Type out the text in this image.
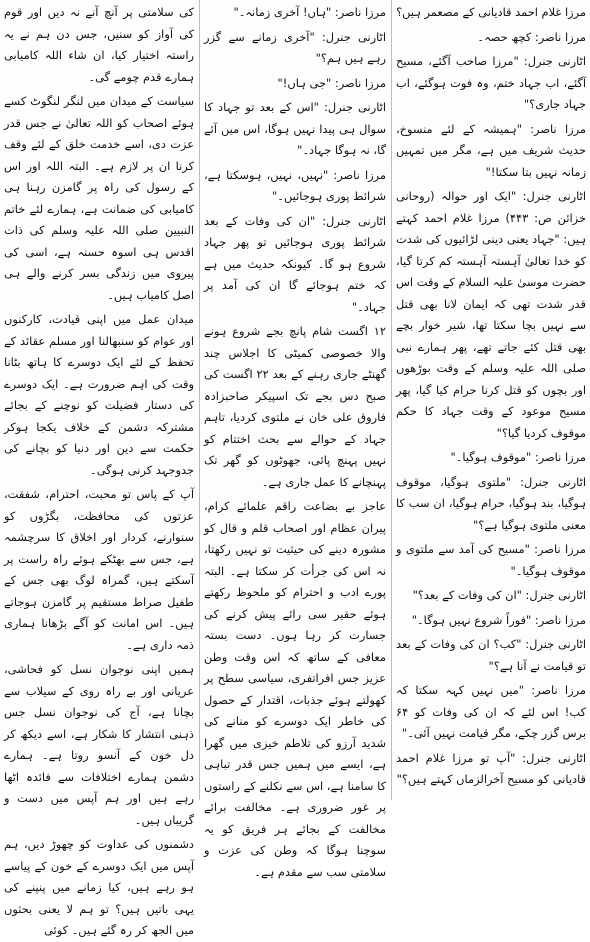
مرزا غلام احمد قادیانی کے مصعمر ہیں؟

مرزا ناصر: کچھ حصہ۔

اٹارنی جنرل: "مرزا صاحب آگئے، مسیح آگئے، اب جہاد ختم، وہ فوت ہوگئے، اب جہاد جاری؟"

مرزا ناصر: "ہمیشہ کے لئے منسوخ، حدیث شریف میں ہے، مگر میں تمہیں زمانہ نہیں بتا سکتا!"

اٹارنی جنرل: "ایک اور حوالہ (روحانی خزائن ص: ۴۴۳) مرزا غلام احمد کہتے ہیں: "جہاد یعنی دینی لڑائیوں کی شدت کو خدا تعالیٰ آہستہ آہستہ کم کرتا گیا، حضرت موسیٰ علیہ السلام کے وقت اس قدر شدت تھی کہ ایمان لانا بھی قتل سے نہیں بچا سکتا تھا، شیر خوار بچے بھی قتل کئے جاتے تھے، پھر ہمارے نبی صلی اللہ علیہ وسلم کے وقت بوڑھوں اور بچوں کو قتل کرنا حرام کیا گیا، پھر مسیح موعود کے وقت جہاد کا حکم موقوف کردیا گیا؟"

مرزا ناصر: "موقوف ہوگیا۔"

اٹارنی جنرل: "ملتوی ہوگیا، موقوف ہوگیا، بند ہوگیا، حرام ہوگیا، ان سب کا معنی ملتوی ہوگیا ہے؟"

مرزا ناصر: "مسیح کی آمد سے ملتوی و موقوف ہوگیا۔"

اٹارنی جنرل: "ان کی وفات کے بعد؟"

مرزا ناصر: "فوراً شروع نہیں ہوگا۔"

اٹارنی جنرل: "کب؟ ان کی وفات کے بعد تو قیامت نے آنا ہے؟"

مرزا ناصر: "میں نہیں کہہ سکتا کہ کب! اس لئے کہ ان کی وفات کو ۶۴ برس گزر چکے، مگر قیامت نہیں آئی۔"

اٹارنی جنرل: "آپ تو مرزا غلام احمد قادیانی کو مسیح آخرالزماں کہتے ہیں؟"

مرزا ناصر: "ہاں! آخری زمانہ۔"

اٹارنی جنرل: "آخری زمانے سے گزر رہے ہیں ہم؟"

مرزا ناصر: "جی ہاں!"

اٹارنی جنرل: "اس کے بعد تو جہاد کا سوال ہی پیدا نہیں ہوگا، اس میں آئے گا، نہ ہوگا جہاد۔"

مرزا ناصر: "نہیں، نہیں، ہوسکتا ہے، شرائط پوری ہوجائیں۔"

اٹارنی جنرل: "ان کی وفات کے بعد شرائط پوری ہوجائیں تو پھر جہاد شروع ہو گا۔ کیونکہ حدیث میں ہے کہ ختم ہوجائے گا ان کی آمد پر جہاد۔"

۱۲ اگست شام پانچ بجے شروع ہونے والا خصوصی کمیٹی کا اجلاس چند گھنٹے جاری رہنے کے بعد ۲۲ اگست کی صبح دس بجے تک اسپیکر صاحبزادہ فاروق علی خان نے ملتوی کردیا، تاہم جہاد کے حوالے سے بحث اختتام کو نہیں پہنچ پائی، جھوٹوں کو گھر تک پہنچانے کا عمل جاری ہے۔

عاجز بے بضاعت راقم علمائے کرام، پیران عظام اور اصحاب قلم و قال کو مشورہ دینے کی حیثیت تو نہیں رکھتا، نہ اس کی جرأت کر سکتا ہے۔ البتہ پورے ادب و احترام کو ملحوظ رکھتے ہوئے حقیر سی رائے پیش کرنے کی جسارت کر رہا ہوں۔ دست بستہ معافی کے ساتھ کہ اس وقت وطن عزیز جس افراتفری، سیاسی سطح پر کھولتے ہوئے جذبات، اقتدار کے حصول کی خاطر ایک دوسرے کو منانے کی شدید آرزو کی تلاطم خیزی میں گھرا ہے، ایسے میں ہمیں جس قدر تباہی کا سامنا ہے، اس سے نکلنے کے راستوں پر غور ضروری ہے۔ مخالفت برائے مخالفت کے بجائے ہر فریق کو یہ سوچنا ہوگا کہ وطن کی عزت و سلامتی سب سے مقدم ہے۔

کی سلامتی پر آنچ آنے نہ دیں اور قوم کی آواز کو سنیں، جس دن ہم نے یہ راستہ اختیار کیا، ان شاء اللہ کامیابی ہمارے قدم چومے گی۔

سیاست کے میدان میں لنگر لنگوٹ کسے ہوئے اصحاب کو اللہ تعالیٰ نے جس قدر عزت دی، اسے خدمت خلق کے لئے وقف کرنا ان پر لازم ہے۔ البتہ اللہ اور اس کے رسول کی راہ پر گامزن رہنا ہی کامیابی کی ضمانت ہے، ہمارے لئے خاتم النبیین صلی اللہ علیہ وسلم کی ذات اقدس ہی اسوہ حسنہ ہے، اسی کی پیروی میں زندگی بسر کرنے والے ہی اصل کامیاب ہیں۔

میدان عمل میں اپنی قیادت، کارکنوں اور عوام کو سنبھالنا اور مسلم عقائد کے تحفظ کے لئے ایک دوسرے کا ہاتھ بٹانا وقت کی اہم ضرورت ہے۔ ایک دوسرے کی دستار فضیلت کو نوچنے کے بجائے مشترکہ دشمن کے خلاف یکجا ہوکر حکمت سے دین اور دنیا کو بچانے کی جدوجہد کرنی ہوگی۔

آپ کے پاس تو محبت، احترام، شفقت، عزتوں کی محافظت، بگڑوں کو سنوارنے، کردار اور اخلاق کا سرچشمہ ہے، جس سے بھٹکے ہوئے راہ راست پر آسکتے ہیں، گمراہ لوگ بھی جس کے طفیل صراط مستقیم پر گامزن ہوجاتے ہیں۔ اس امانت کو آگے بڑھانا ہماری ذمہ داری ہے۔

ہمیں اپنی نوجوان نسل کو فحاشی، عریانی اور بے راہ روی کے سیلاب سے بچانا ہے، آج کی نوجوان نسل جس ذہنی انتشار کا شکار ہے، اسے دیکھ کر دل خون کے آنسو روتا ہے۔ ہمارے دشمن ہمارے اختلافات سے فائدہ اٹھا رہے ہیں اور ہم آپس میں دست و گریباں ہیں۔

دشمنوں کی عداوت کو چھوڑ دیں، ہم آپس میں ایک دوسرے کے خون کے پیاسے ہو رہے ہیں، کیا زمانے میں پنپنے کی یہی باتیں ہیں؟ تو ہم لا یعنی بحثوں میں الجھ کر رہ گئے ہیں۔ کوئی
